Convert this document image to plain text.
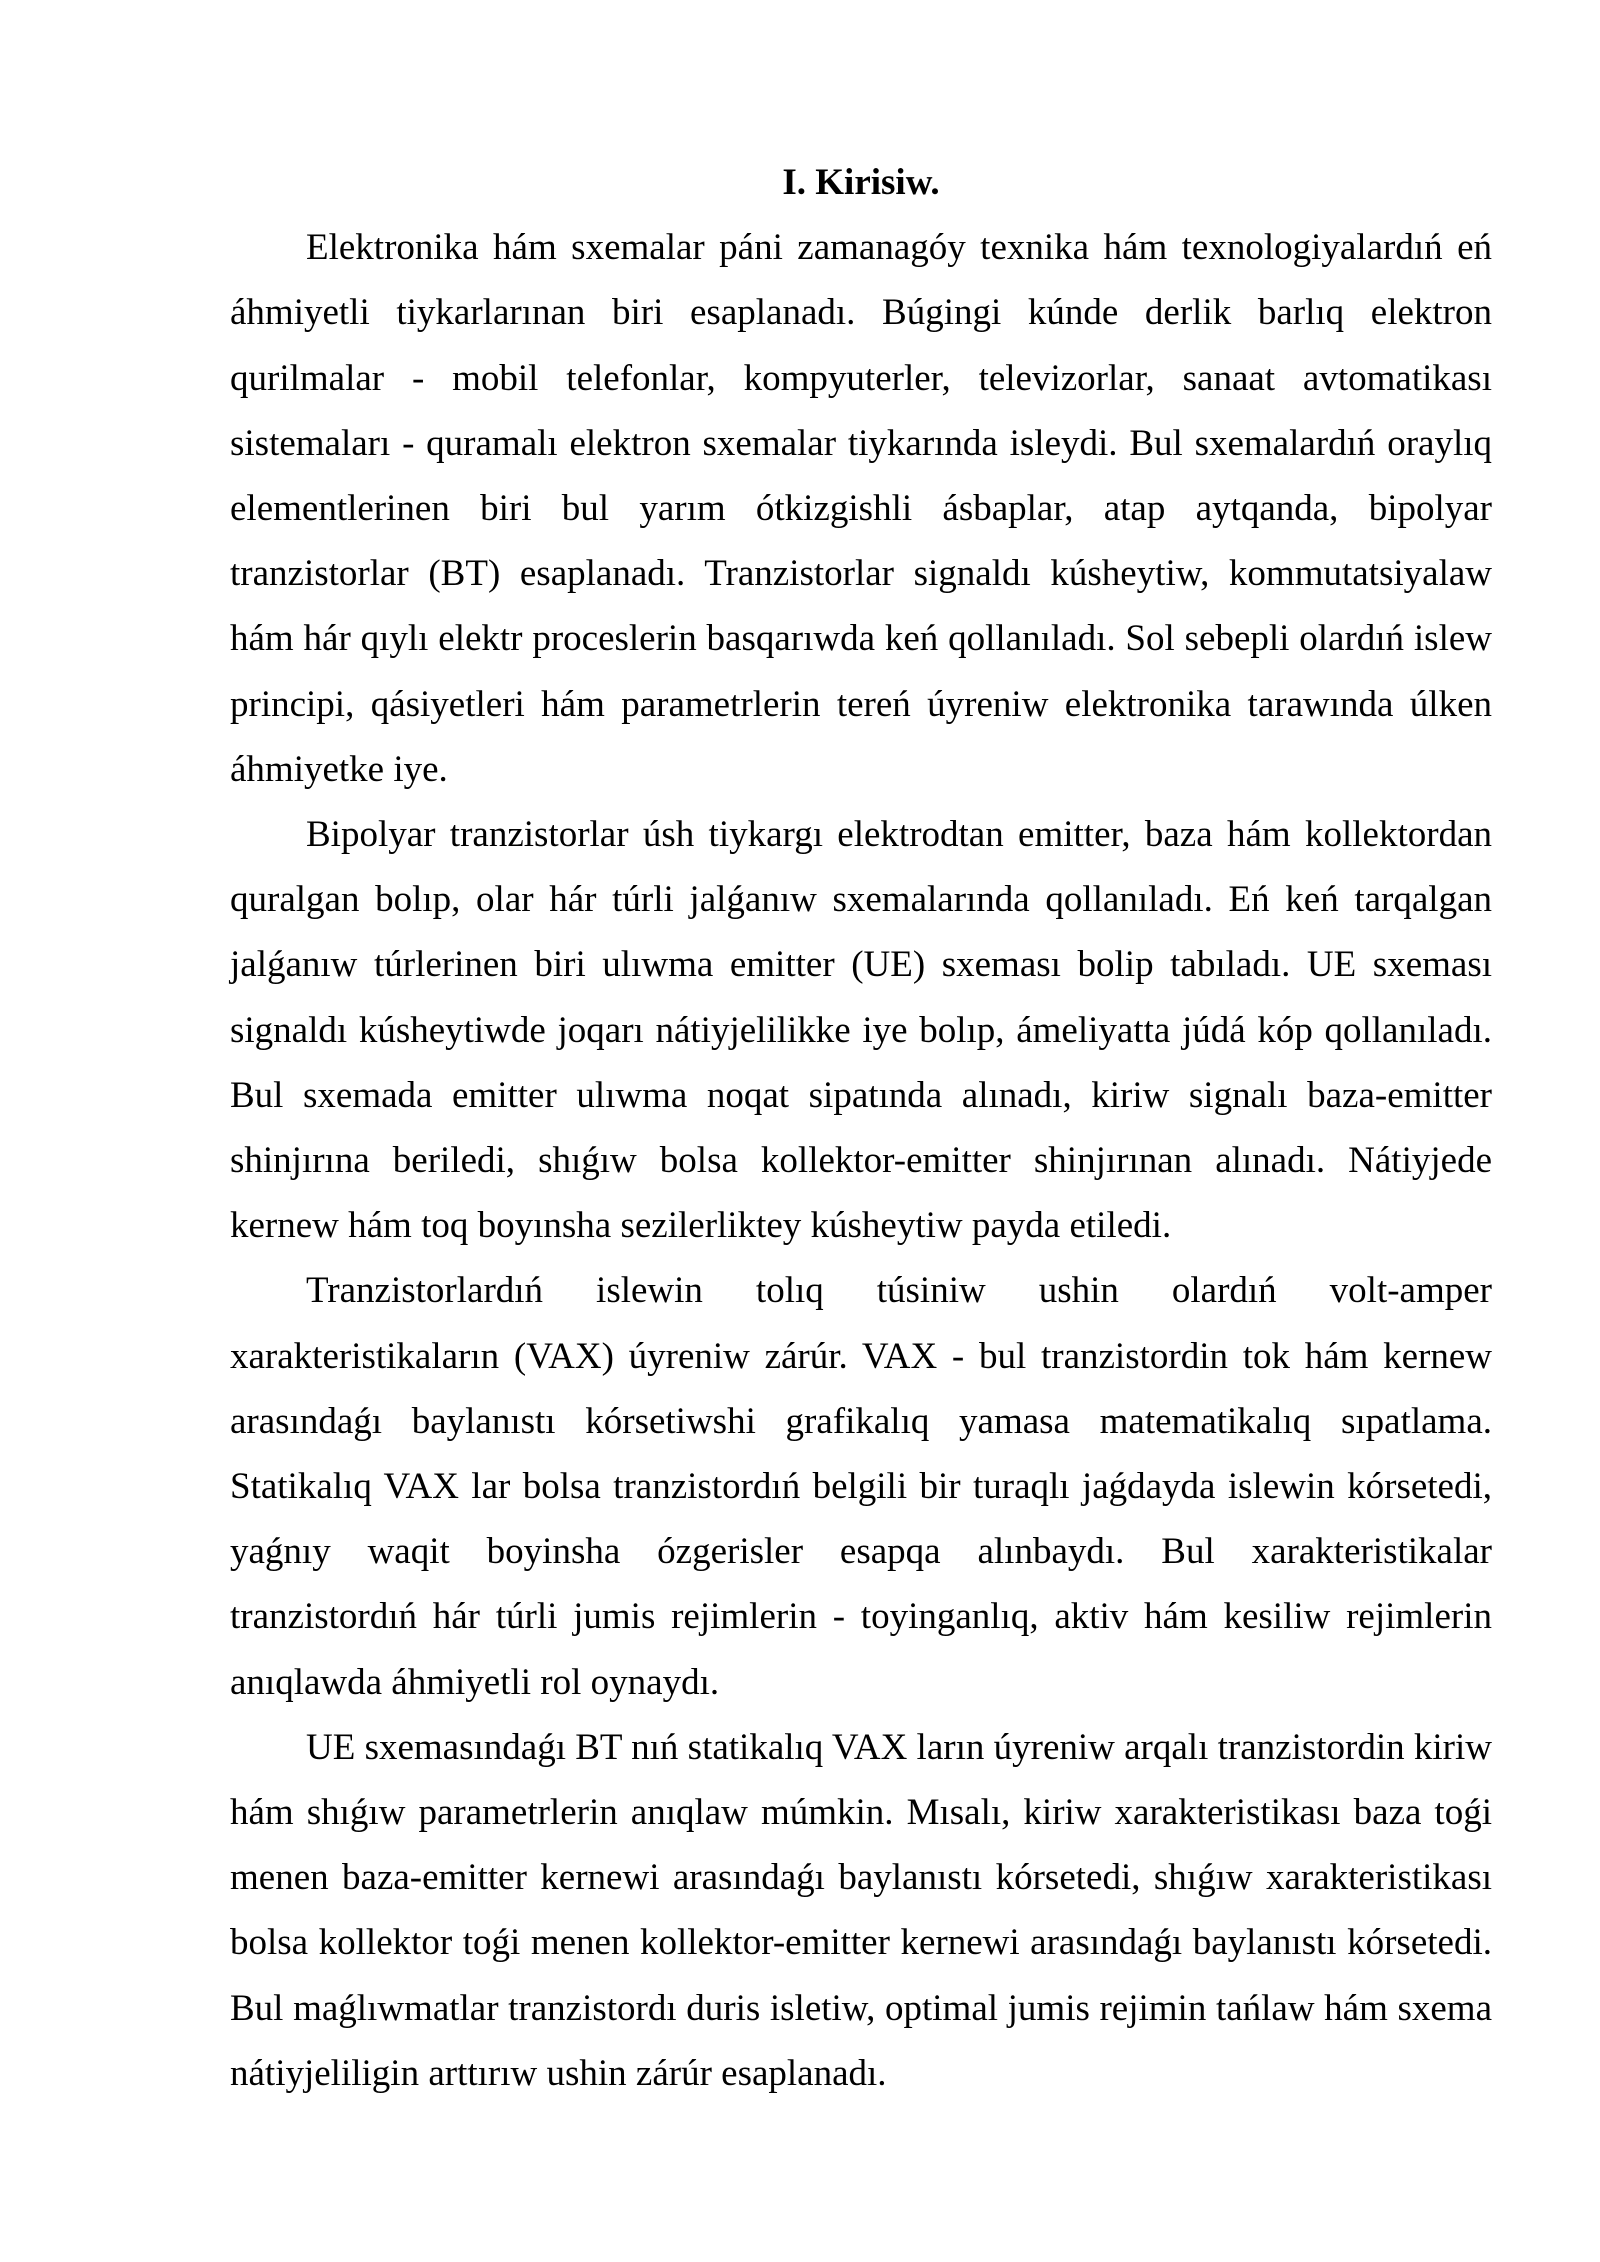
I. Kirisiw.

Elektronika hám sxemalar páni zamanagóy texnika hám texnologiyalardıń eń áhmiyetli tiykarlarınan biri esaplanadı. Búgingi kúnde derlik barlıq elektron qurilmalar - mobil telefonlar, kompyuterler, televizorlar, sanaat avtomatikası sistemaları - quramalı elektron sxemalar tiykarında isleydi. Bul sxemalardıń oraylıq elementlerinen biri bul yarım ótkizgishli ásbaplar, atap aytqanda, bipolyar tranzistorlar (BT) esaplanadı. Tranzistorlar signaldı kúsheytiw, kommutatsiyalaw hám hár qıylı elektr proceslerin basqarıwda keń qollanıladı. Sol sebepli olardıń islew principi, qásiyetleri hám parametrlerin tereń úyreniw elektronika tarawında úlken áhmiyetke iye.

Bipolyar tranzistorlar úsh tiykargı elektrodtan emitter, baza hám kollektordan quralgan bolıp, olar hár túrli jalǵanıw sxemalarında qollanıladı. Eń keń tarqalgan jalǵanıw túrlerinen biri ulıwma emitter (UE) sxeması bolip tabıladı. UE sxeması signaldı kúsheytiwde joqarı nátiyjelilikke iye bolıp, ámeliyatta júdá kóp qollanıladı. Bul sxemada emitter ulıwma noqat sipatında alınadı, kiriw signalı baza-emitter shinjırına beriledi, shıǵıw bolsa kollektor-emitter shinjırınan alınadı. Nátiyjede kernew hám toq boyınsha sezilerliktey kúsheytiw payda etiledi.

Tranzistorlardıń islewin tolıq túsiniw ushin olardıń volt-amper xarakteristikaların (VAX) úyreniw zárúr. VAX - bul tranzistordin tok hám kernew arasındaǵı baylanıstı kórsetiwshi grafikalıq yamasa matematikalıq sıpatlama. Statikalıq VAX lar bolsa tranzistordıń belgili bir turaqlı jaǵdayda islewin kórsetedi, yaǵnıy waqit boyinsha ózgerisler esapqa alınbaydı. Bul xarakteristikalar tranzistordıń hár túrli jumis rejimlerin - toyinganlıq, aktiv hám kesiliw rejimlerin anıqlawda áhmiyetli rol oynaydı.

UE sxemasındaǵı BT nıń statikalıq VAX ların úyreniw arqalı tranzistordin kiriw hám shıǵıw parametrlerin anıqlaw múmkin. Mısalı, kiriw xarakteristikası baza toǵi menen baza-emitter kernewi arasındaǵı baylanıstı kórsetedi, shıǵıw xarakteristikası bolsa kollektor toǵi menen kollektor-emitter kernewi arasındaǵı baylanıstı kórsetedi. Bul maǵlıwmatlar tranzistordı duris isletiw, optimal jumis rejimin tańlaw hám sxema nátiyjeliligin arttırıw ushin zárúr esaplanadı.
